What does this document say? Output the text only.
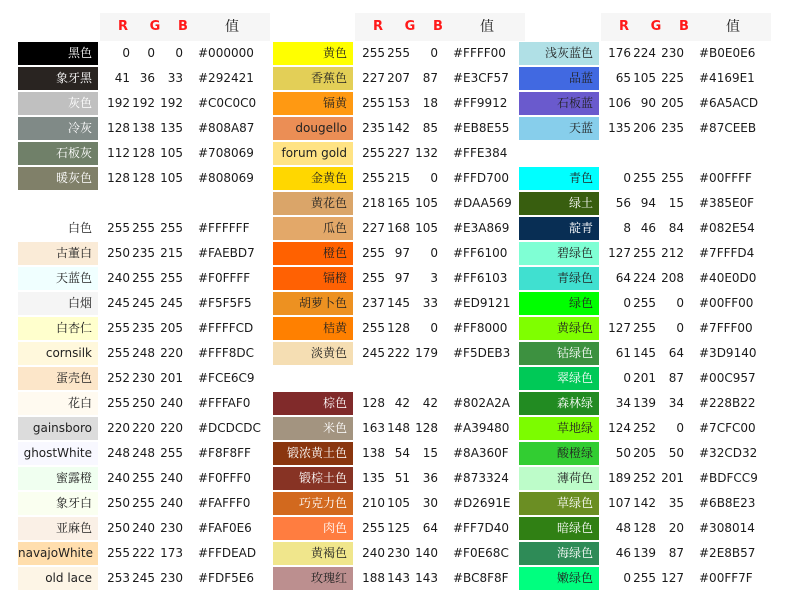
R	G	B	值
黑色	0	0	0 #000000
象牙黑	41 36	33 #292421
灰色	192 192 192 #C0C0C0
冷灰	128 138 135 #808A87
石板灰	112 128 105 #708069
暖灰色	128 128 105 #808069
白色	255 255 255 #FFFFFF
古董白	250 235 215 #FAEBD7
天蓝色	240 255 255 #F0FFFF
白烟	245 245 245 #F5F5F5
白杏仁	255 235 205 #FFFFCD
cornsilk	255 248 220 #FFF8DC
蛋壳色	252 230 201 #FCE6C9
花白	255 250 240 #FFFAF0
gainsboro	220 220 220 #DCDCDC
ghostWhite	248 248 255 #F8F8FF
蜜露橙	240 255 240 #F0FFF0
象牙白	250 255 240 #FAFFF0
亚麻色	250 240 230 #FAF0E6
navajoWhite	255 222 173 #FFDEAD
old lace	253 245 230 #FDF5E6
R	G	B	值
黄色	255 255	0 #FFFF00
香蕉色	227 207	87 #E3CF57
镉黄	255 153	18 #FF9912
dougello	235 142	85 #EB8E55
forum gold	255 227 132 #FFE384
金黄色	255 215	0 #FFD700
黄花色	218 165 105 #DAA569
瓜色	227 168 105 #E3A869
橙色	255 97	0 #FF6100
镉橙	255 97	3 #FF6103
胡萝卜色	237 145	33 #ED9121
桔黄	255 128	0 #FF8000
淡黄色	245 222 179 #F5DEB3
棕色	128 42	42 #802A2A
米色	163 148 128 #A39480
锻浓黄土色	138 54	15 #8A360F
锻棕土色	135 51	36 #873324
巧克力色	210 105	30 #D2691E
肉色	255 125	64 #FF7D40
黄褐色	240 230 140 #F0E68C
玫瑰红	188 143 143 #BC8F8F
R	G	B	值
浅灰蓝色	176 224 230 #B0E0E6
品蓝	65 105 225 #4169E1
石板蓝	106 90 205 #6A5ACD
天蓝	135 206 235 #87CEEB
青色	0 255 255 #00FFFF
绿土	56 94	15 #385E0F
靛青	8 46	84 #082E54
碧绿色	127 255 212 #7FFFD4
青绿色	64 224 208 #40E0D0
绿色	0 255	0 #00FF00
黄绿色	127 255	0 #7FFF00
钴绿色	61 145	64 #3D9140
翠绿色	0 201	87 #00C957
森林绿	34 139	34 #228B22
草地绿	124 252	0 #7CFC00
酸橙绿	50 205	50 #32CD32
薄荷色	189 252 201 #BDFCC9
草绿色	107 142	35 #6B8E23
暗绿色	48 128	20 #308014
海绿色	46 139	87 #2E8B57
嫩绿色	0 255 127 #00FF7F
